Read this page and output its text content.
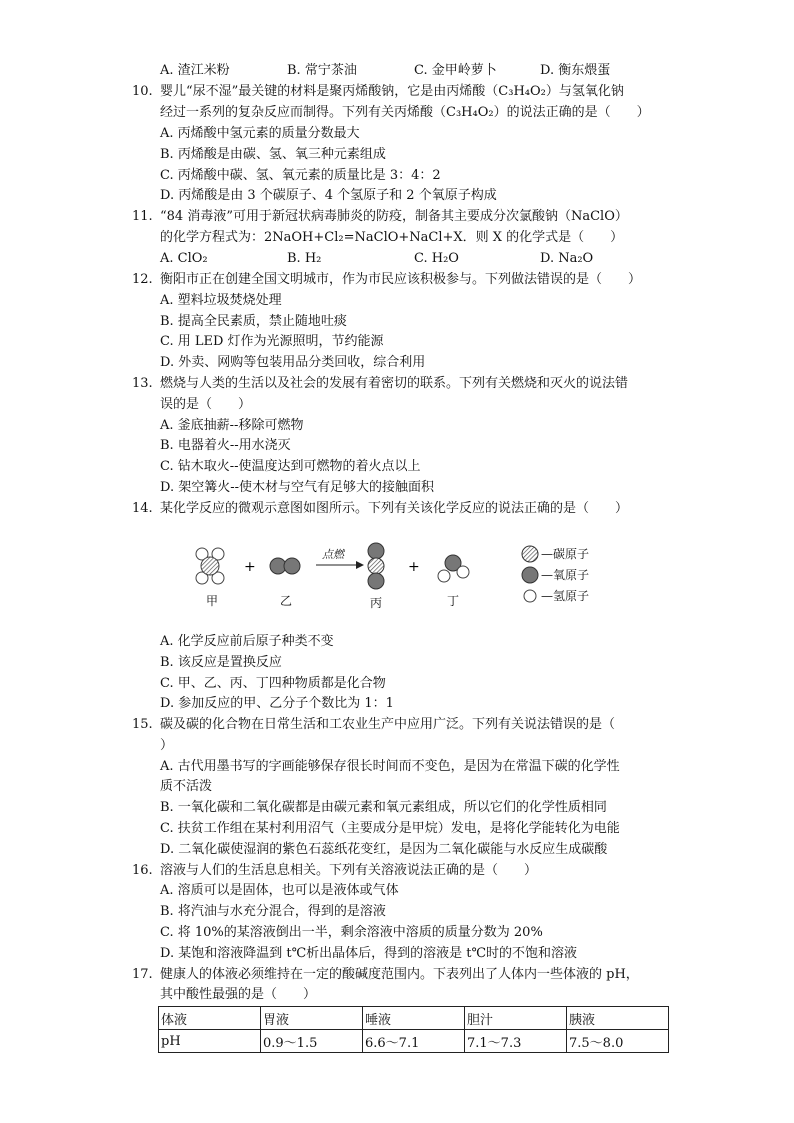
A. 渣江米粉	B. 常宁茶油	C. 金甲岭萝卜	D. 衡东煨蛋
10. 婴儿“尿不湿”最关键的材料是聚丙烯酸钠，它是由丙烯酸（C₃H₄O₂）与氢氧化钠
经过一系列的复杂反应而制得。下列有关丙烯酸（C₃H₄O₂）的说法正确的是（　　）
A. 丙烯酸中氢元素的质量分数最大
B. 丙烯酸是由碳、氢、氧三种元素组成
C. 丙烯酸中碳、氢、氧元素的质量比是 3：4：2
D. 丙烯酸是由 3 个碳原子、4 个氢原子和 2 个氧原子构成
11. “84 消毒液”可用于新冠状病毒肺炎的防疫，制备其主要成分次氯酸钠（NaClO）
的化学方程式为：2NaOH+Cl₂=NaClO+NaCl+X．则 X 的化学式是（　　）
A. ClO₂	B. H₂	C. H₂O	D. Na₂O
12. 衡阳市正在创建全国文明城市，作为市民应该积极参与。下列做法错误的是（　　）
A. 塑料垃圾焚烧处理
B. 提高全民素质，禁止随地吐痰
C. 用 LED 灯作为光源照明，节约能源
D. 外卖、网购等包装用品分类回收，综合利用
13. 燃烧与人类的生活以及社会的发展有着密切的联系。下列有关燃烧和灭火的说法错
误的是（　　）
A. 釜底抽薪--移除可燃物
B. 电器着火--用水浇灭
C. 钻木取火--使温度达到可燃物的着火点以上
D. 架空篝火--使木材与空气有足够大的接触面积
14. 某化学反应的微观示意图如图所示。下列有关该化学反应的说法正确的是（　　）
+	+
甲	乙	丙	丁
点燃	—碳原子
—氧原子
—氢原子
A. 化学反应前后原子种类不变
B. 该反应是置换反应
C. 甲、乙、丙、丁四种物质都是化合物
D. 参加反应的甲、乙分子个数比为 1：1
15. 碳及碳的化合物在日常生活和工农业生产中应用广泛。下列有关说法错误的是（
）
A. 古代用墨书写的字画能够保存很长时间而不变色，是因为在常温下碳的化学性
质不活泼
B. 一氧化碳和二氧化碳都是由碳元素和氧元素组成，所以它们的化学性质相同
C. 扶贫工作组在某村利用沼气（主要成分是甲烷）发电，是将化学能转化为电能
D. 二氧化碳使湿润的紫色石蕊纸花变红，是因为二氧化碳能与水反应生成碳酸
16. 溶液与人们的生活息息相关。下列有关溶液说法正确的是（　　）
A. 溶质可以是固体，也可以是液体或气体
B. 将汽油与水充分混合，得到的是溶液
C. 将 10%的某溶液倒出一半，剩余溶液中溶质的质量分数为 20%
D. 某饱和溶液降温到 t℃析出晶体后，得到的溶液是 t℃时的不饱和溶液
17. 健康人的体液必须维持在一定的酸碱度范围内。下表列出了人体内一些体液的 pH，
其中酸性最强的是（　　）
体液	胃液	唾液	胆汁	胰液
pH	0.9～1.5	6.6～7.1	7.1～7.3	7.5～8.0
